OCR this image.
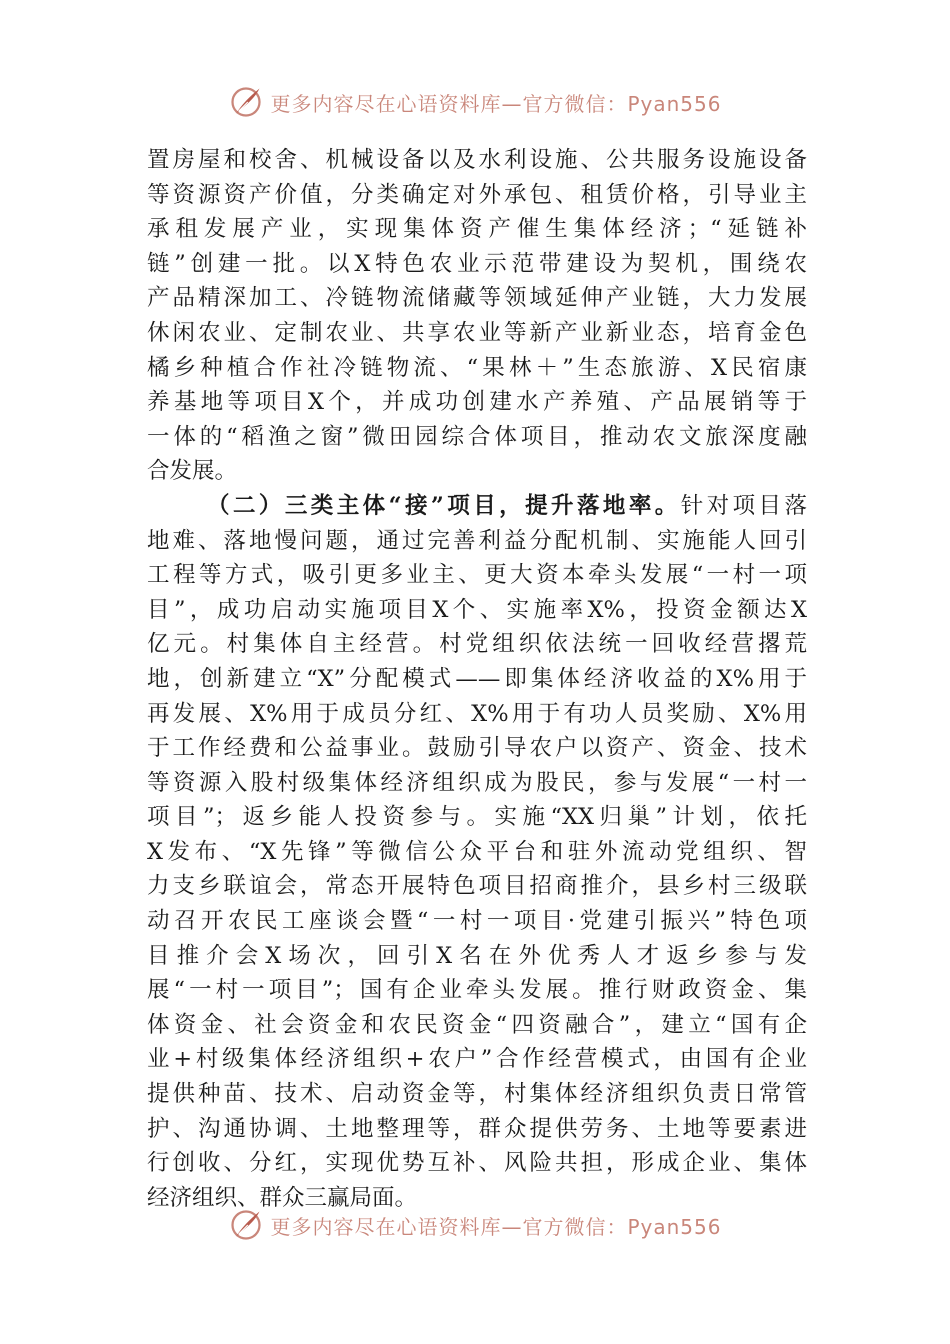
更多内容尽在心语资料库—官方微信：Pyan556
置房屋和校舍、机械设备以及水利设施、公共服务设施设备
等资源资产价值，分类确定对外承包、租赁价格，引导业主
承租发展产业，实现集体资产催生集体经济；“延链补
链”创建一批。以X特色农业示范带建设为契机，围绕农
产品精深加工、冷链物流储藏等领域延伸产业链，大力发展
休闲农业、定制农业、共享农业等新产业新业态，培育金色
橘乡种植合作社冷链物流、“果林＋”生态旅游、X民宿康
养基地等项目X个，并成功创建水产养殖、产品展销等于
一体的“稻渔之窗”微田园综合体项目，推动农文旅深度融
合发展。
（二）三类主体“接”项目，提升落地率。针对项目落
地难、落地慢问题，通过完善利益分配机制、实施能人回引
工程等方式，吸引更多业主、更大资本牵头发展“一村一项
目”，成功启动实施项目X个、实施率X%，投资金额达X
亿元。村集体自主经营。村党组织依法统一回收经营撂荒
地，创新建立“X”分配模式——即集体经济收益的X%用于
再发展、X%用于成员分红、X%用于有功人员奖励、X%用
于工作经费和公益事业。鼓励引导农户以资产、资金、技术
等资源入股村级集体经济组织成为股民，参与发展“一村一
项目”；返乡能人投资参与。实施“XX归巢”计划，依托
X发布、“X先锋”等微信公众平台和驻外流动党组织、智
力支乡联谊会，常态开展特色项目招商推介，县乡村三级联
动召开农民工座谈会暨“一村一项目·党建引振兴”特色项
目推介会X场次，回引X名在外优秀人才返乡参与发
展“一村一项目”；国有企业牵头发展。推行财政资金、集
体资金、社会资金和农民资金“四资融合”，建立“国有企
业+村级集体经济组织+农户”合作经营模式，由国有企业
提供种苗、技术、启动资金等，村集体经济组织负责日常管
护、沟通协调、土地整理等，群众提供劳务、土地等要素进
行创收、分红，实现优势互补、风险共担，形成企业、集体
经济组织、群众三赢局面。
更多内容尽在心语资料库—官方微信：Pyan556
